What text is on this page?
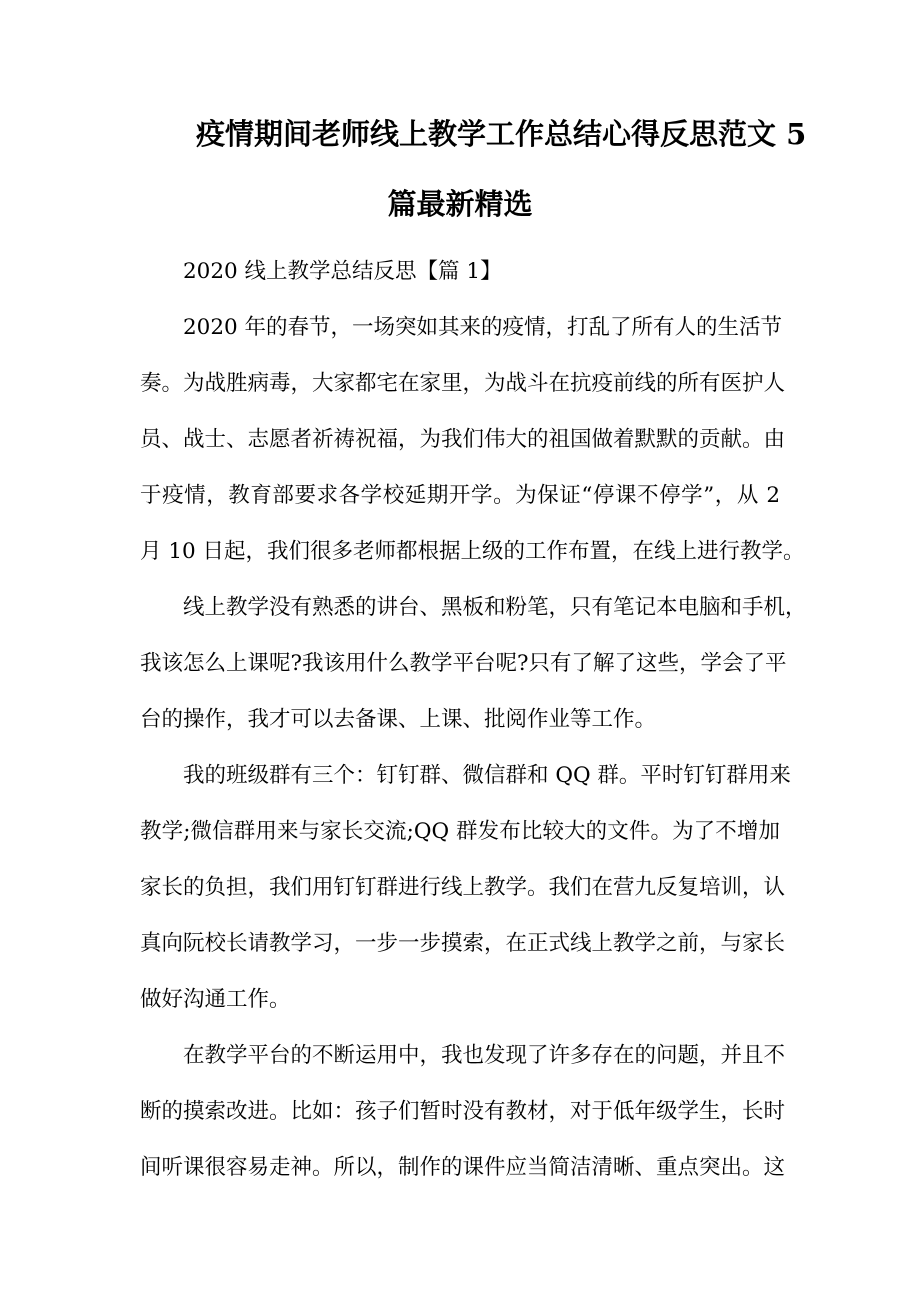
疫情期间老师线上教学工作总结心得反思范文 5
篇最新精选

2020 线上教学总结反思【篇 1】

2020 年的春节，一场突如其来的疫情，打乱了所有人的生活节

奏。为战胜病毒，大家都宅在家里，为战斗在抗疫前线的所有医护人

员、战士、志愿者祈祷祝福，为我们伟大的祖国做着默默的贡献。由

于疫情，教育部要求各学校延期开学。为保证“停课不停学”，从 2

月 10 日起，我们很多老师都根据上级的工作布置，在线上进行教学。

线上教学没有熟悉的讲台、黑板和粉笔，只有笔记本电脑和手机，

我该怎么上课呢?我该用什么教学平台呢?只有了解了这些，学会了平

台的操作，我才可以去备课、上课、批阅作业等工作。

我的班级群有三个：钉钉群、微信群和 QQ 群。平时钉钉群用来

教学;微信群用来与家长交流;QQ 群发布比较大的文件。为了不增加

家长的负担，我们用钉钉群进行线上教学。我们在营九反复培训，认

真向阮校长请教学习，一步一步摸索，在正式线上教学之前，与家长

做好沟通工作。

在教学平台的不断运用中，我也发现了许多存在的问题，并且不

断的摸索改进。比如：孩子们暂时没有教材，对于低年级学生，长时

间听课很容易走神。所以，制作的课件应当简洁清晰、重点突出。这
